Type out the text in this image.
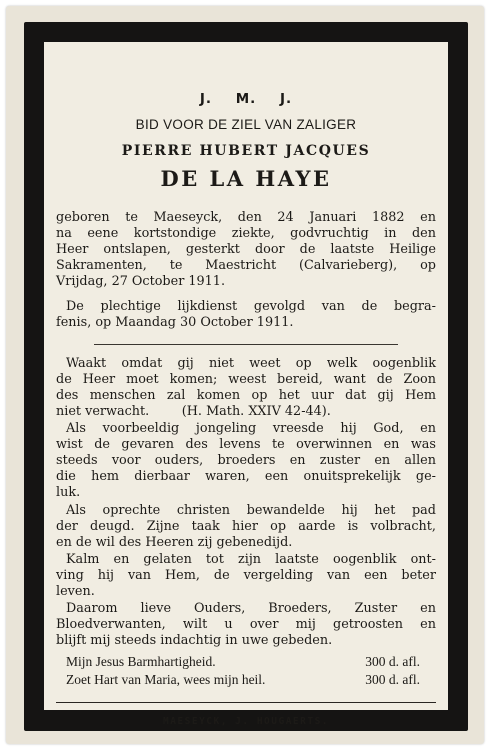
J. M. J.
BID VOOR DE ZIEL VAN ZALIGER
PIERRE HUBERT JACQUES
DE LA HAYE
geboren te Maeseyck, den 24 Januari 1882 en
na eene kortstondige ziekte, godvruchtig in den
Heer ontslapen, gesterkt door de laatste Heilige
Sakramenten, te Maestricht (Calvarieberg), op
Vrijdag, 27 October 1911.
De plechtige lijkdienst gevolgd van de begra-
fenis, op Maandag 30 October 1911.
Waakt omdat gij niet weet op welk oogenblik
de Heer moet komen; weest bereid, want de Zoon
des menschen zal komen op het uur dat gij Hem
niet verwacht.        (H. Math. XXIV 42-44).
Als voorbeeldig jongeling vreesde hij God, en
wist de gevaren des levens te overwinnen en was
steeds voor ouders, broeders en zuster en allen
die hem dierbaar waren, een onuitsprekelijk ge-
luk.
Als oprechte christen bewandelde hij het pad
der deugd. Zijne taak hier op aarde is volbracht,
en de wil des Heeren zij gebenedijd.
Kalm en gelaten tot zijn laatste oogenblik ont-
ving hij van Hem, de vergelding van een beter
leven.
Daarom lieve Ouders, Broeders, Zuster en
Bloedverwanten, wilt u over mij getroosten en
blijft mij steeds indachtig in uwe gebeden.
Mijn Jesus Barmhartigheid.	300 d. afl.
Zoet Hart van Maria, wees mijn heil.	300 d. afl.
MAESEYCK, J. HOUGAERTS.
